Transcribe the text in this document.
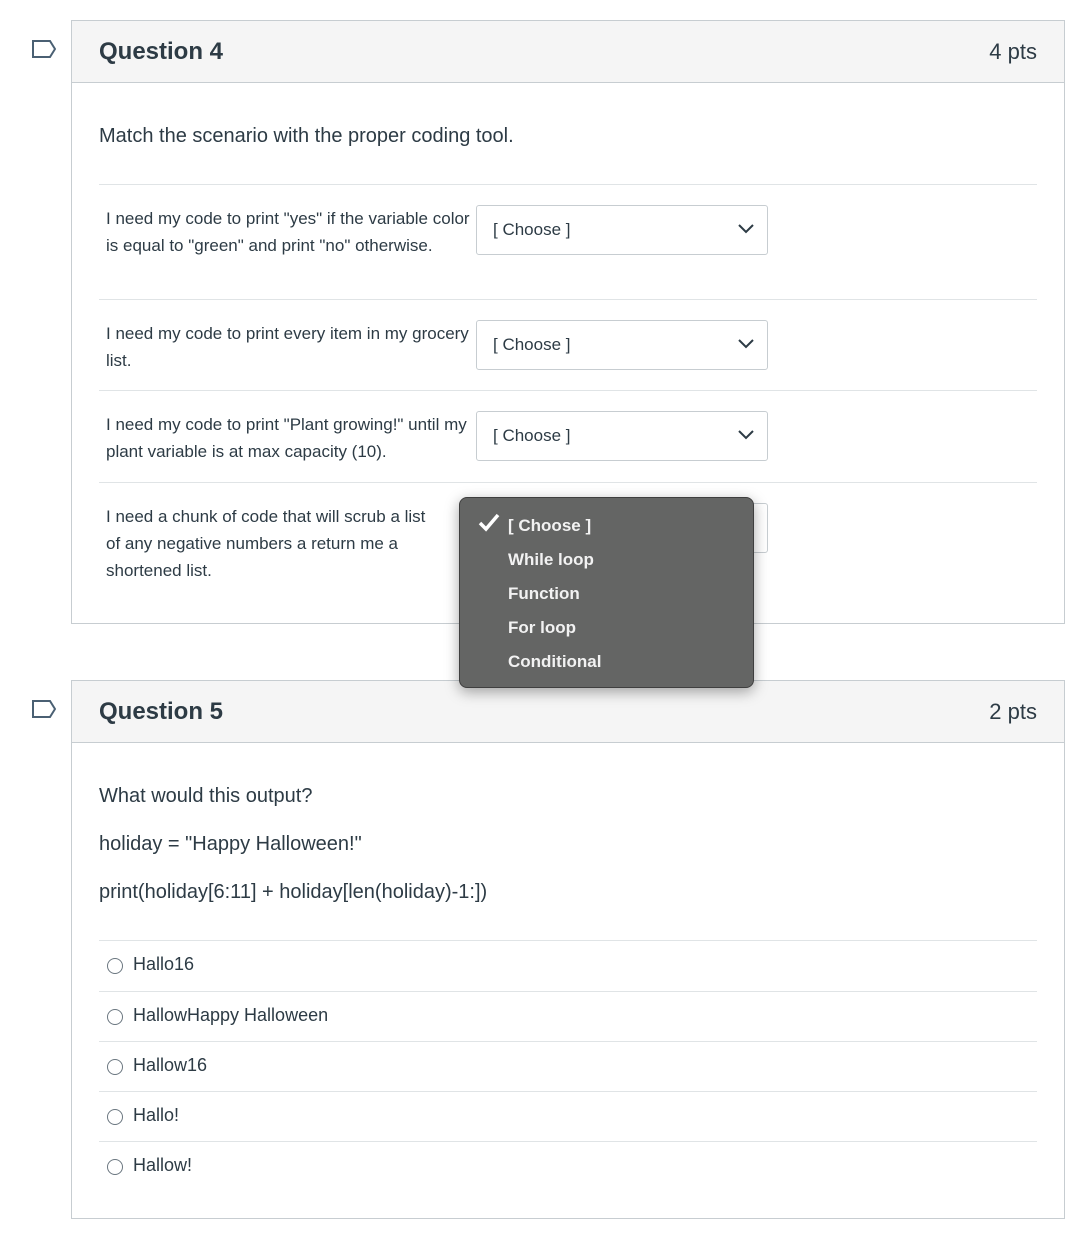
Question 4	4 pts

Match the scenario with the proper coding tool.

I need my code to print "yes" if the variable color is equal to "green" and print "no" otherwise.
[ Choose ]
I need my code to print every item in my grocery list.
[ Choose ]
I need my code to print "Plant growing!" until my plant variable is at max capacity (10).
[ Choose ]
I need a chunk of code that will scrub a list of any negative numbers a return me a shortened list.
[ Choose ]
While loop
Function
For loop
Conditional
Question 5	2 pts

What would this output?

holiday = "Happy Halloween!"

print(holiday[6:11] + holiday[len(holiday)-1:])

Hallo16
HallowHappy Halloween
Hallow16
Hallo!
Hallow!
